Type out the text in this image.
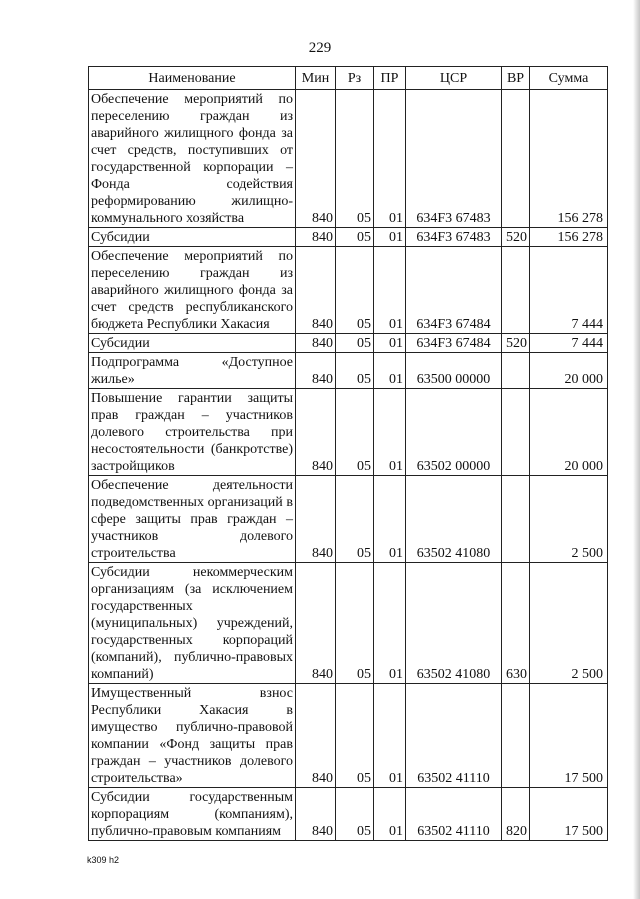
229
Наименование	Мин	Рз	ПР	ЦСР	ВР	Сумма
Обеспечение мероприятий по переселению граждан из аварийного жилищного фонда за счет средств, поступивших от государственной корпорации – Фонда содействия реформированию жилищно-коммунального хозяйства	840	05	01	634F3 67483		156 278
Субсидии	840	05	01	634F3 67483	520	156 278
Обеспечение мероприятий по переселению граждан из аварийного жилищного фонда за счет средств республиканского бюджета Республики Хакасия	840	05	01	634F3 67484		7 444
Субсидии	840	05	01	634F3 67484	520	7 444
Подпрограмма «Доступное жилье»	840	05	01	63500 00000		20 000
Повышение гарантии защиты прав граждан – участников долевого строительства при несостоятельности (банкротстве) застройщиков	840	05	01	63502 00000		20 000
Обеспечение деятельности подведомственных организаций в сфере защиты прав граждан – участников долевого строительства	840	05	01	63502 41080		2 500
Субсидии некоммерческим организациям (за исключением государственных (муниципальных) учреждений, государственных корпораций (компаний), публично-правовых компаний)	840	05	01	63502 41080	630	2 500
Имущественный взнос Республики Хакасия в имущество публично-правовой компании «Фонд защиты прав граждан – участников долевого строительства»	840	05	01	63502 41110		17 500
Субсидии государственным корпорациям (компаниям), публично-правовым компаниям	840	05	01	63502 41110	820	17 500
k309 h2
